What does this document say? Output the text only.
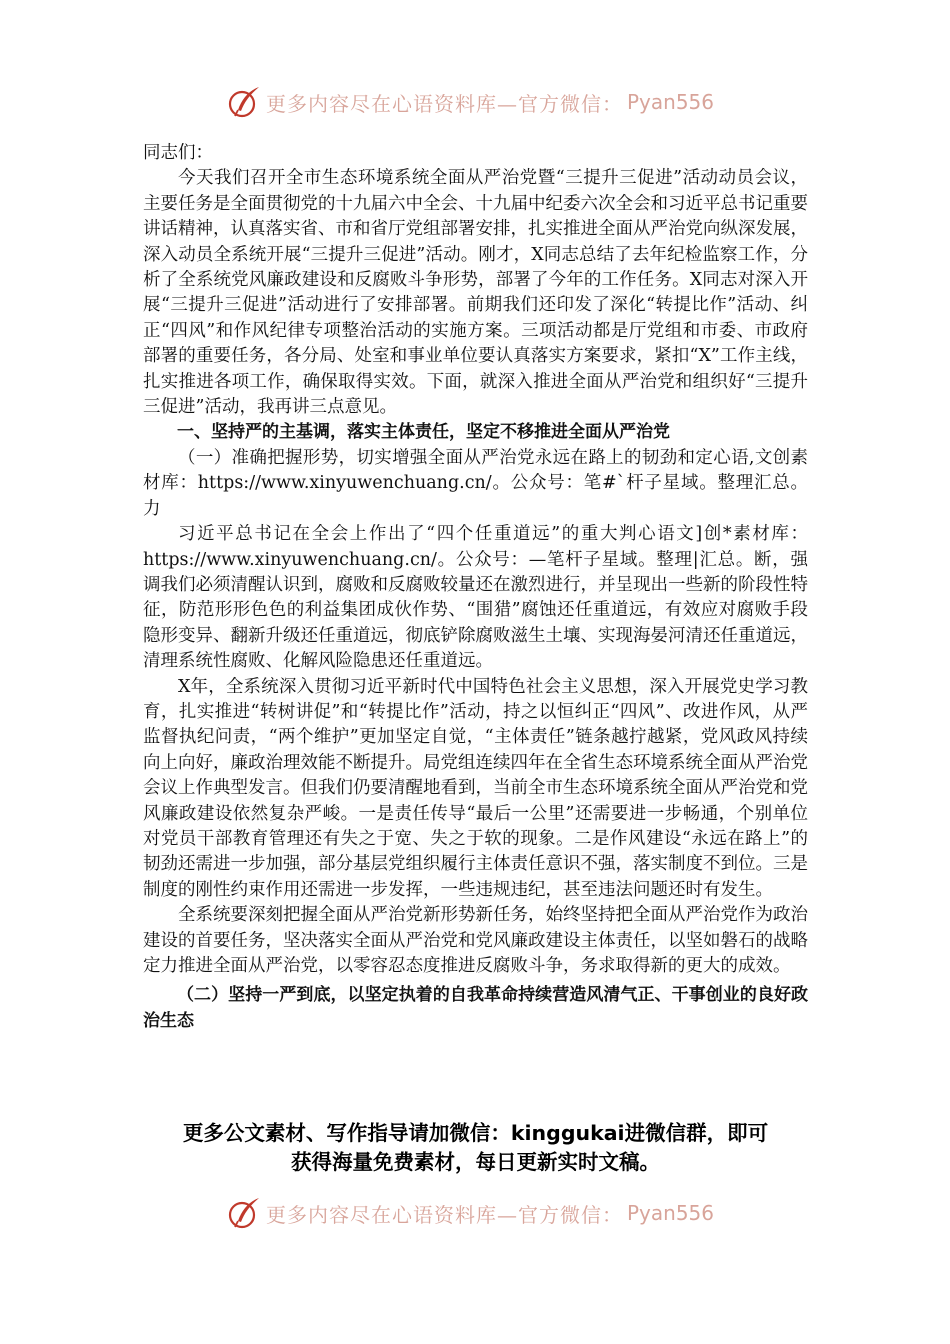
更多内容尽在心语资料库—官方微信： Pyan556

同志们：

今天我们召开全市生态环境系统全面从严治党暨“三提升三促进”活动动员会议，主要任务是全面贯彻党的十九届六中全会、十九届中纪委六次全会和习近平总书记重要讲话精神，认真落实省、市和省厅党组部署安排，扎实推进全面从严治党向纵深发展，深入动员全系统开展“三提升三促进”活动。刚才，X同志总结了去年纪检监察工作，分析了全系统党风廉政建设和反腐败斗争形势，部署了今年的工作任务。X同志对深入开展“三提升三促进”活动进行了安排部署。前期我们还印发了深化“转提比作”活动、纠正“四风”和作风纪律专项整治活动的实施方案。三项活动都是厅党组和市委、市政府部署的重要任务，各分局、处室和事业单位要认真落实方案要求，紧扣“X”工作主线，扎实推进各项工作，确保取得实效。下面，就深入推进全面从严治党和组织好“三提升三促进”活动，我再讲三点意见。

一、坚持严的主基调，落实主体责任，坚定不移推进全面从严治党

（一）准确把握形势，切实增强全面从严治党永远在路上的韧劲和定心语,文创素材库：https://www.xinyuwenchuang.cn/。公众号：笔#`杆子星域。整理汇总。力

习近平总书记在全会上作出了“四个任重道远”的重大判心语文]创*素材库：https://www.xinyuwenchuang.cn/。公众号：—笔杆子星域。整理|汇总。断，强调我们必须清醒认识到，腐败和反腐败较量还在激烈进行，并呈现出一些新的阶段性特征，防范形形色色的利益集团成伙作势、“围猎”腐蚀还任重道远，有效应对腐败手段隐形变异、翻新升级还任重道远，彻底铲除腐败滋生土壤、实现海晏河清还任重道远，清理系统性腐败、化解风险隐患还任重道远。

X年，全系统深入贯彻习近平新时代中国特色社会主义思想，深入开展党史学习教育，扎实推进“转树讲促”和“转提比作”活动，持之以恒纠正“四风”、改进作风，从严监督执纪问责，“两个维护”更加坚定自觉，“主体责任”链条越拧越紧，党风政风持续向上向好，廉政治理效能不断提升。局党组连续四年在全省生态环境系统全面从严治党会议上作典型发言。但我们仍要清醒地看到，当前全市生态环境系统全面从严治党和党风廉政建设依然复杂严峻。一是责任传导“最后一公里”还需要进一步畅通，个别单位对党员干部教育管理还有失之于宽、失之于软的现象。二是作风建设“永远在路上”的韧劲还需进一步加强，部分基层党组织履行主体责任意识不强，落实制度不到位。三是制度的刚性约束作用还需进一步发挥，一些违规违纪，甚至违法问题还时有发生。

全系统要深刻把握全面从严治党新形势新任务，始终坚持把全面从严治党作为政治建设的首要任务，坚决落实全面从严治党和党风廉政建设主体责任，以坚如磐石的战略定力推进全面从严治党，以零容忍态度推进反腐败斗争，务求取得新的更大的成效。

（二）坚持一严到底，以坚定执着的自我革命持续营造风清气正、干事创业的良好政治生态

更多公文素材、写作指导请加微信：kinggukai进微信群，即可
获得海量免费素材，每日更新实时文稿。
更多内容尽在心语资料库—官方微信： Pyan556
